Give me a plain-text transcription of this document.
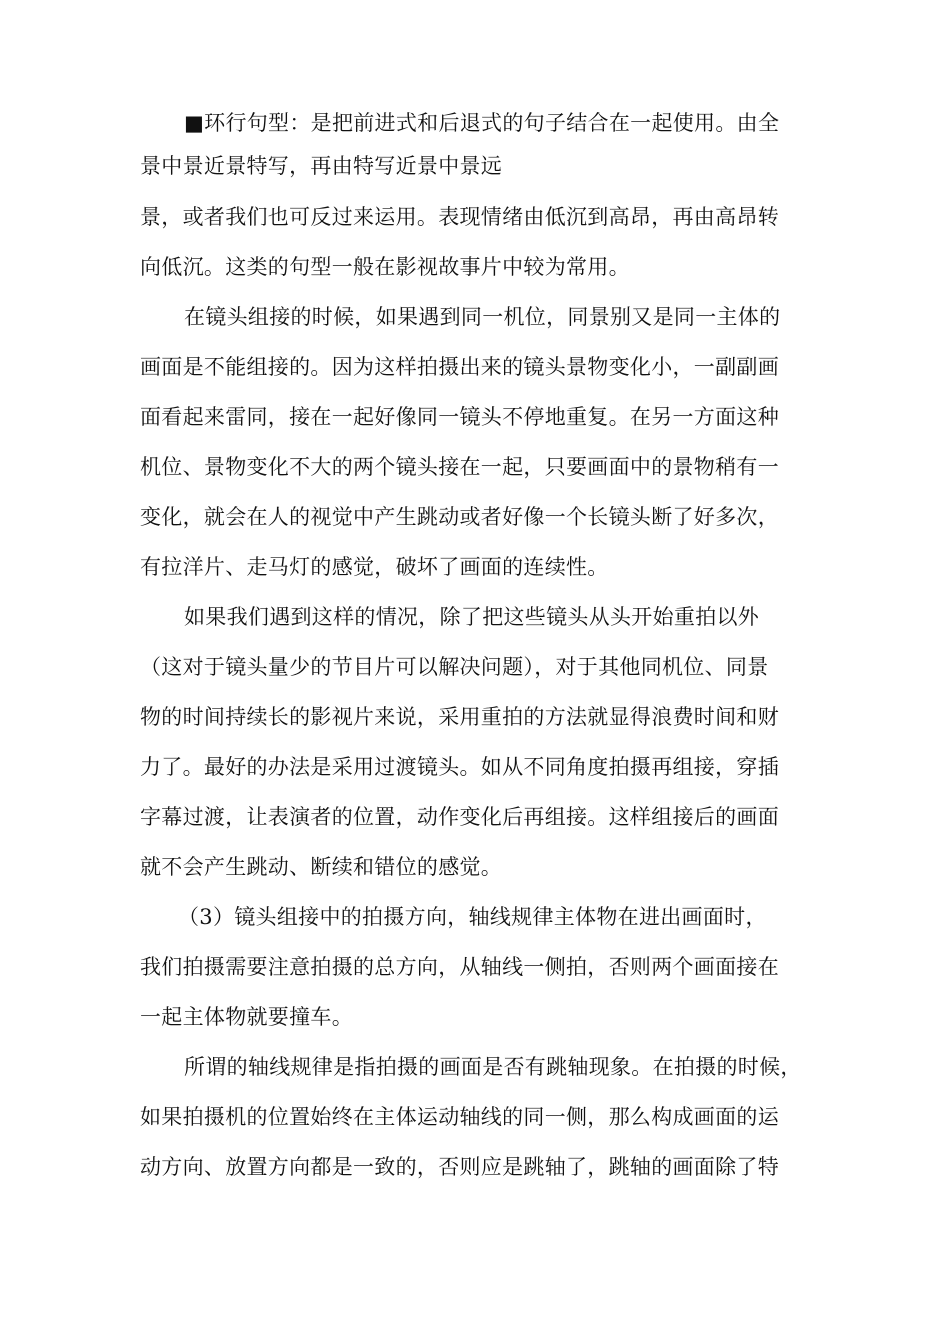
■环行句型：是把前进式和后退式的句子结合在一起使用。由全
景中景近景特写，再由特写近景中景远
景，或者我们也可反过来运用。表现情绪由低沉到高昂，再由高昂转
向低沉。这类的句型一般在影视故事片中较为常用。
在镜头组接的时候，如果遇到同一机位，同景别又是同一主体的
画面是不能组接的。因为这样拍摄出来的镜头景物变化小，一副副画
面看起来雷同，接在一起好像同一镜头不停地重复。在另一方面这种
机位、景物变化不大的两个镜头接在一起，只要画面中的景物稍有一
变化，就会在人的视觉中产生跳动或者好像一个长镜头断了好多次，
有拉洋片、走马灯的感觉，破坏了画面的连续性。
如果我们遇到这样的情况，除了把这些镜头从头开始重拍以外
（这对于镜头量少的节目片可以解决问题），对于其他同机位、同景
物的时间持续长的影视片来说，采用重拍的方法就显得浪费时间和财
力了。最好的办法是采用过渡镜头。如从不同角度拍摄再组接，穿插
字幕过渡，让表演者的位置，动作变化后再组接。这样组接后的画面
就不会产生跳动、断续和错位的感觉。
（3）镜头组接中的拍摄方向，轴线规律主体物在进出画面时，
我们拍摄需要注意拍摄的总方向，从轴线一侧拍，否则两个画面接在
一起主体物就要撞车。
所谓的轴线规律是指拍摄的画面是否有跳轴现象。在拍摄的时候，
如果拍摄机的位置始终在主体运动轴线的同一侧，那么构成画面的运
动方向、放置方向都是一致的，否则应是跳轴了，跳轴的画面除了特
